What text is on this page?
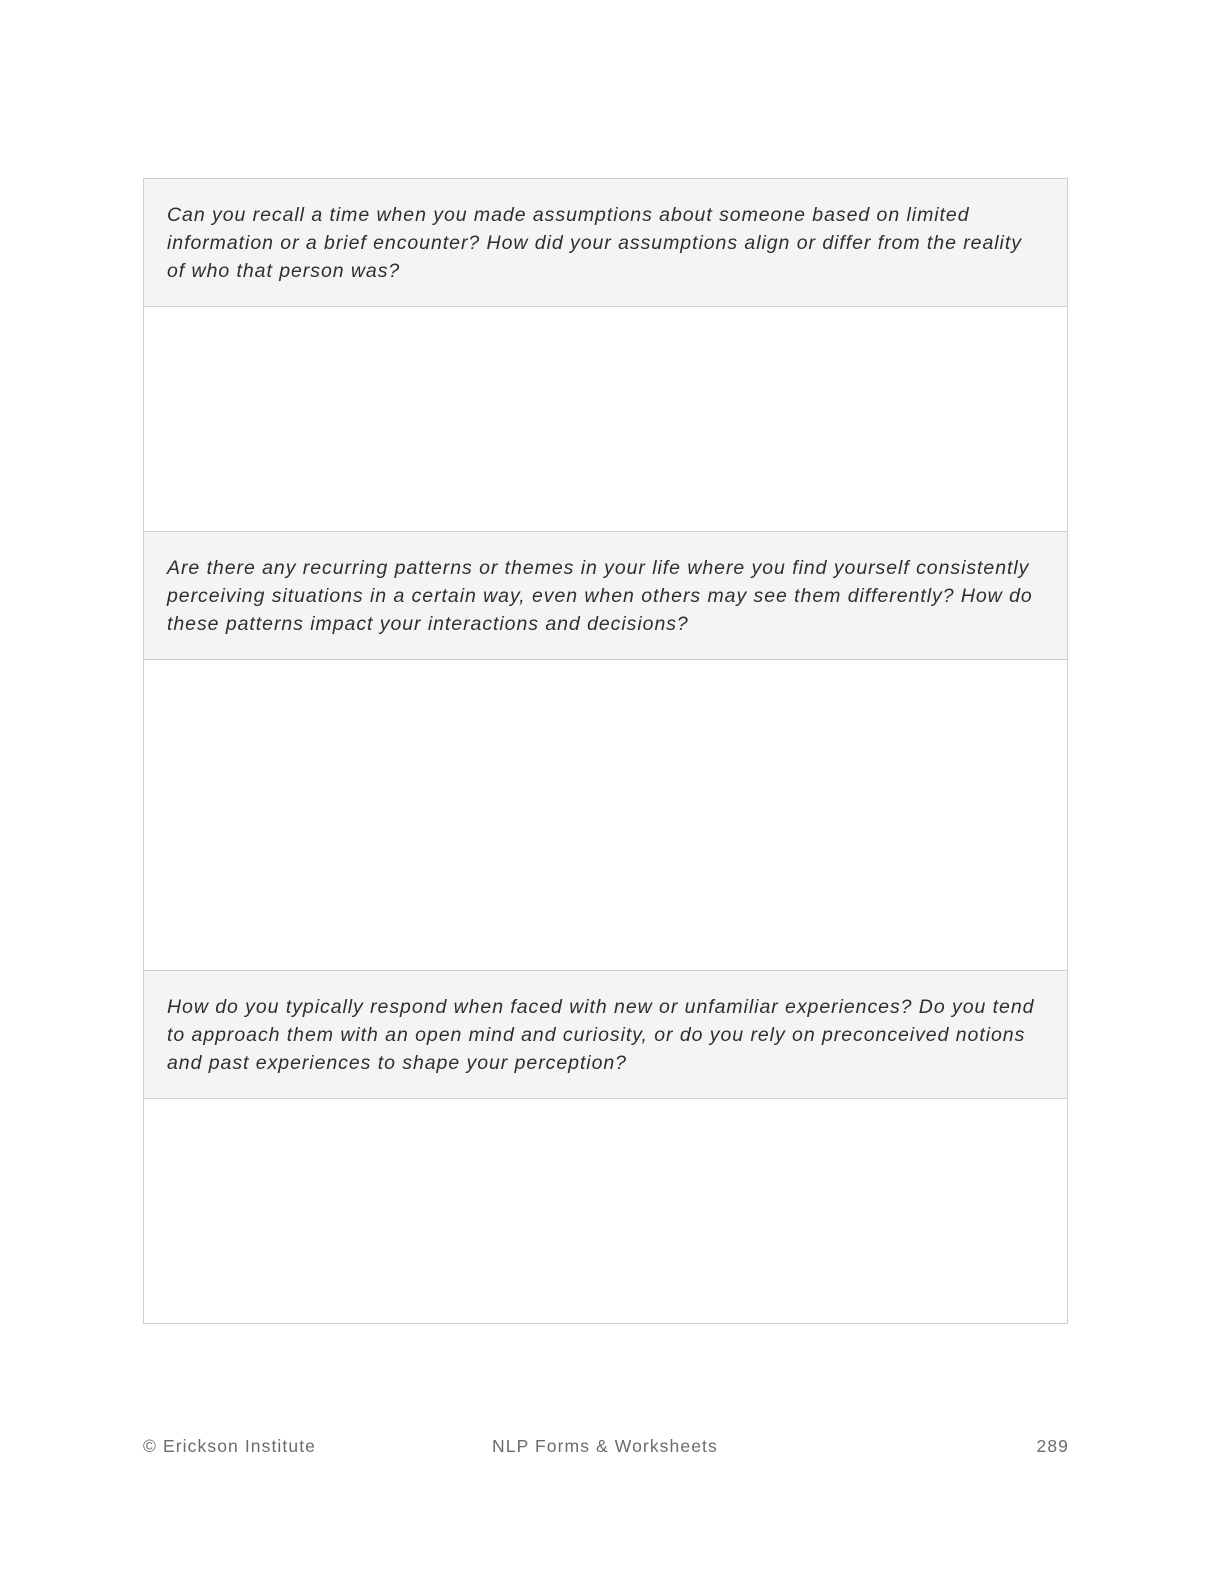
Can you recall a time when you made assumptions about someone based on limited information or a brief encounter? How did your assumptions align or differ from the reality of who that person was?

Are there any recurring patterns or themes in your life where you find yourself consistently perceiving situations in a certain way, even when others may see them differently? How do these patterns impact your interactions and decisions?

How do you typically respond when faced with new or unfamiliar experiences? Do you tend to approach them with an open mind and curiosity, or do you rely on preconceived notions and past experiences to shape your perception?

© Erickson Institute	NLP Forms & Worksheets	289
